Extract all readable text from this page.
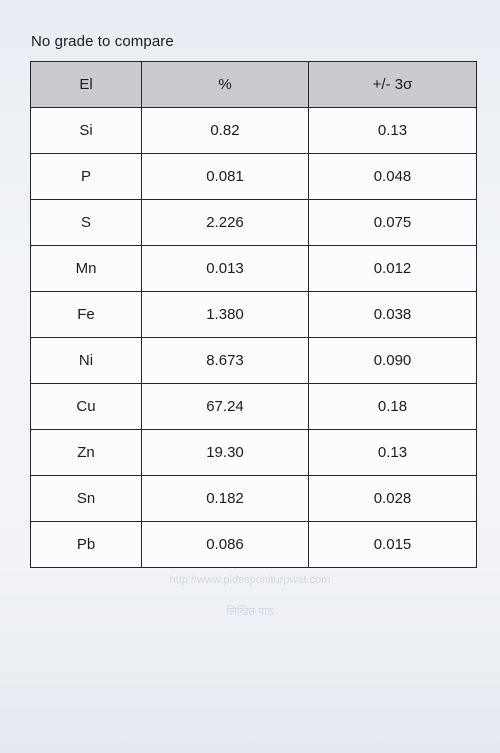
No grade to compare
El	%	+/- 3σ
Si	0.82	0.13
P	0.081	0.048
S	2.226	0.075
Mn	0.013	0.012
Fe	1.380	0.038
Ni	8.673	0.090
Cu	67.24	0.18
Zn	19.30	0.13
Sn	0.182	0.028
Pb	0.086	0.015
http://www.pidesponiturpwat.com
लिखित पाठ
